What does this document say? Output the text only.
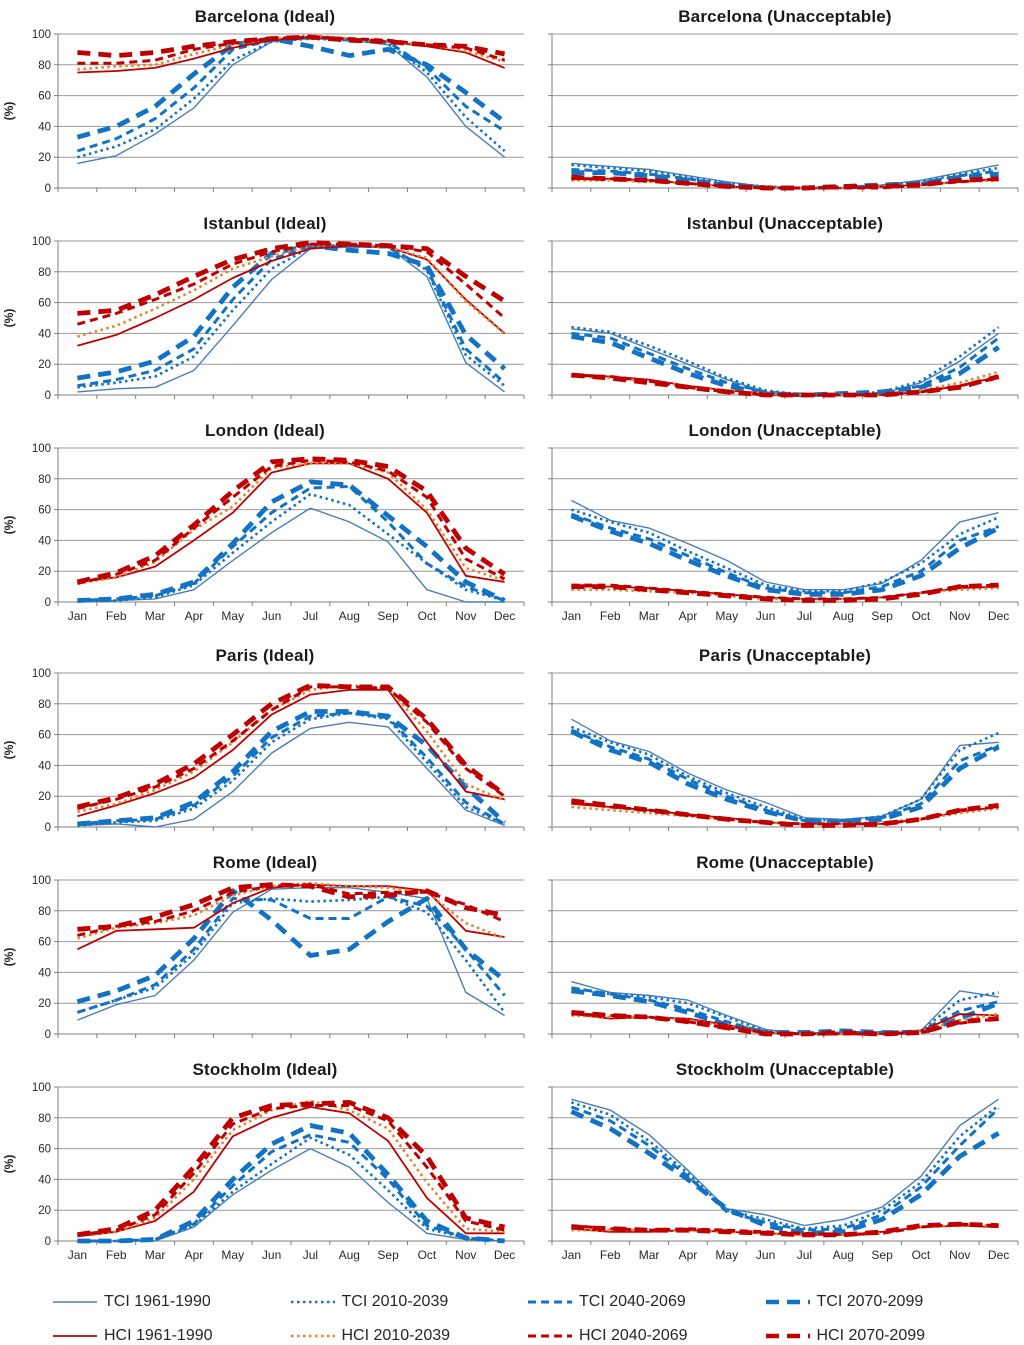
Barcelona (Ideal)
0
20
40
60
80
100
(%)
Barcelona (Unacceptable)
Istanbul (Ideal)
0
20
40
60
80
100
(%)
Istanbul (Unacceptable)
London (Ideal)
0
20
40
60
80
100
(%)
Jan Feb Mar Apr May Jun Jul Aug Sep Oct Nov Dec
London (Unacceptable)
Jan Feb Mar Apr May Jun Jul Aug Sep Oct Nov Dec
Paris (Ideal)
0
20
40
60
80
100
(%)
Paris (Unacceptable)
Rome (Ideal)
0
20
40
60
80
100
(%)
Rome (Unacceptable)
Stockholm (Ideal)
0
20
40
60
80
100
(%)
Jan Feb Mar Apr May Jun Jul Aug Sep Oct Nov Dec
Stockholm (Unacceptable)
Jan Feb Mar Apr May Jun Jul Aug Sep Oct Nov Dec
TCI 1961-1990	TCI 2010-2039	TCI 2040-2069	TCI 2070-2099
HCI 1961-1990	HCI 2010-2039	HCI 2040-2069	HCI 2070-2099
